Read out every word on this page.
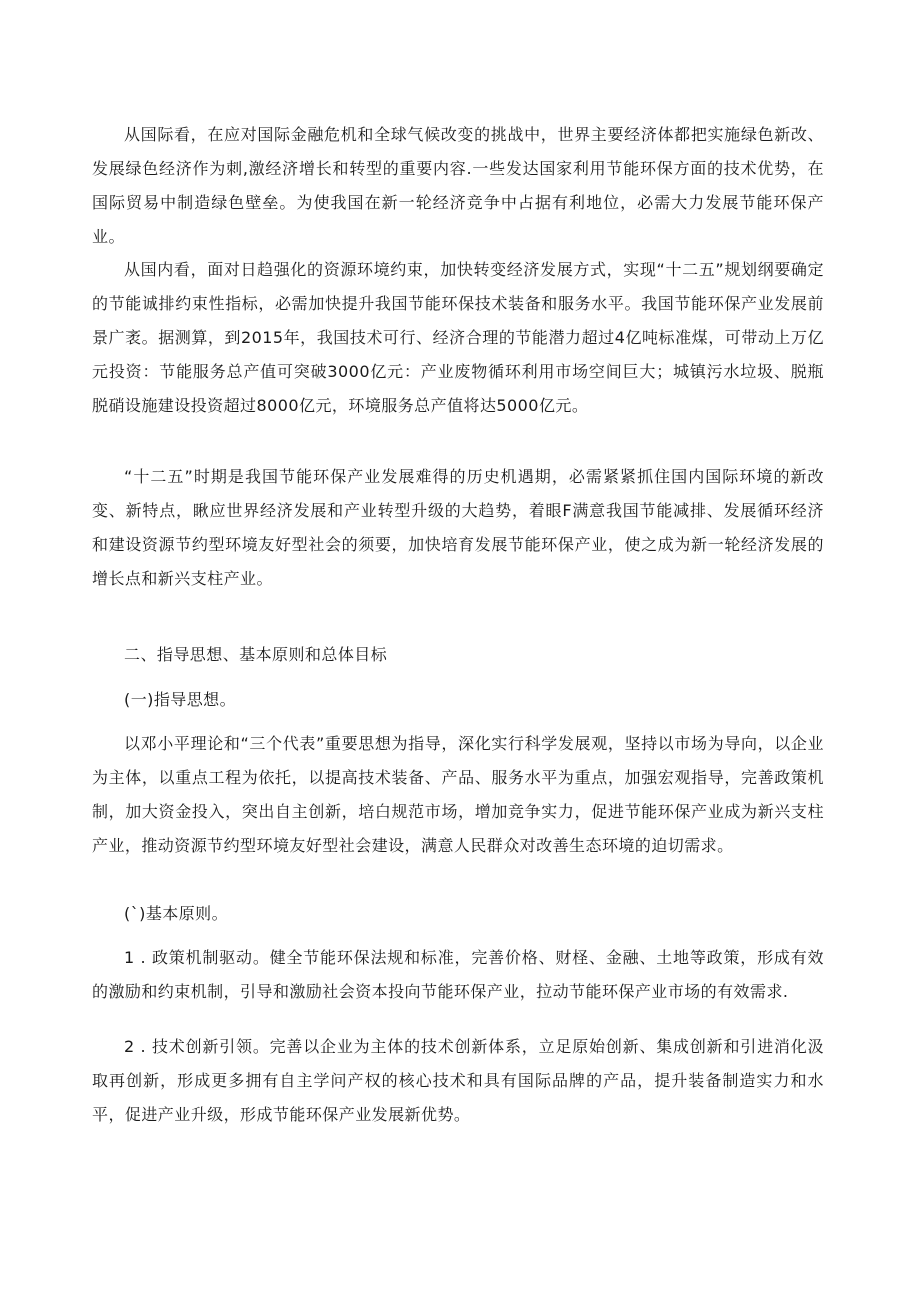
从国际看，在应对国际金融危机和全球气候改变的挑战中，世界主要经济体都把实施绿色新改、发展绿色经济作为刺,激经济增长和转型的重要内容.一些发达国家利用节能环保方面的技术优势，在国际贸易中制造绿色壁垒。为使我国在新一轮经济竞争中占据有利地位，必需大力发展节能环保产业。

从国内看，面对日趋强化的资源环境约束，加快转变经济发展方式，实现“十二五”规划纲要确定的节能诚排约束性指标，必需加快提升我国节能环保技术装备和服务水平。我国节能环保产业发展前景广袤。据测算，到2015年，我国技术可行、经济合理的节能潜力超过4亿吨标准煤，可带动上万亿元投资：节能服务总产值可突破3000亿元：产业废物循环利用市场空间巨大；城镇污水垃圾、脱瓶脱硝设施建设投资超过8000亿元，环境服务总产值将达5000亿元。

“十二五”时期是我国节能环保产业发展难得的历史机遇期，必需紧紧抓住国内国际环境的新改变、新特点，瞅应世界经济发展和产业转型升级的大趋势，着眼F满意我国节能减排、发展循环经济和建设资源节约型环境友好型社会的须要，加快培育发展节能环保产业，使之成为新一轮经济发展的增长点和新兴支柱产业。

二、指导思想、基本原则和总体目标

(一)指导思想。

以邓小平理论和“三个代表”重要思想为指导，深化实行科学发展观，坚持以市场为导向，以企业为主体，以重点工程为依托，以提高技术装备、产品、服务水平为重点，加强宏观指导，完善政策机制，加大资金投入，突出自主创新，培白规范市场，增加竞争实力，促进节能环保产业成为新兴支柱产业，推动资源节约型环境友好型社会建设，满意人民群众对改善生态环境的迫切需求。

(`)基本原则。

1 . 政策机制驱动。健全节能环保法规和标准，完善价格、财柽、金融、土地等政策，形成有效的激励和约束机制，引导和激励社会资本投向节能环保产业，拉动节能环保产业市场的有效需求.

2 . 技术创新引领。完善以企业为主体的技术创新体系，立足原始创新、集成创新和引进消化汲取再创新，形成更多拥有自主学问产权的核心技术和具有国际品牌的产品，提升装备制造实力和水平，促进产业升级，形成节能环保产业发展新优势。
